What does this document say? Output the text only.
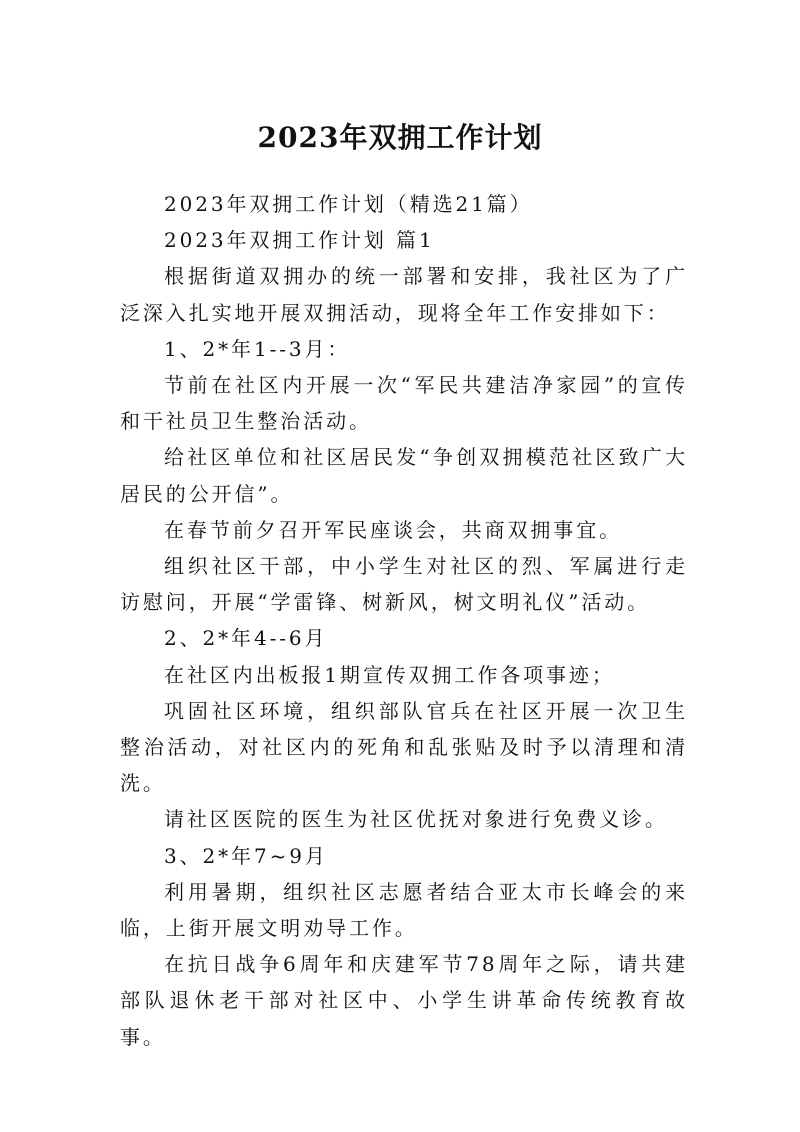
2023年双拥工作计划

2023年双拥工作计划（精选21篇）

2023年双拥工作计划 篇1

根据街道双拥办的统一部署和安排，我社区为了广泛深入扎实地开展双拥活动，现将全年工作安排如下：

1、2*年1--3月：

节前在社区内开展一次“军民共建洁净家园”的宣传和干社员卫生整治活动。

给社区单位和社区居民发“争创双拥模范社区致广大居民的公开信”。

在春节前夕召开军民座谈会，共商双拥事宜。

组织社区干部，中小学生对社区的烈、军属进行走访慰问，开展“学雷锋、树新风，树文明礼仪”活动。

2、2*年4--6月

在社区内出板报1期宣传双拥工作各项事迹；

巩固社区环境，组织部队官兵在社区开展一次卫生整治活动，对社区内的死角和乱张贴及时予以清理和清洗。

请社区医院的医生为社区优抚对象进行免费义诊。

3、2*年7~9月

利用暑期，组织社区志愿者结合亚太市长峰会的来临，上街开展文明劝导工作。

在抗日战争6周年和庆建军节78周年之际，请共建部队退休老干部对社区中、小学生讲革命传统教育故事。
